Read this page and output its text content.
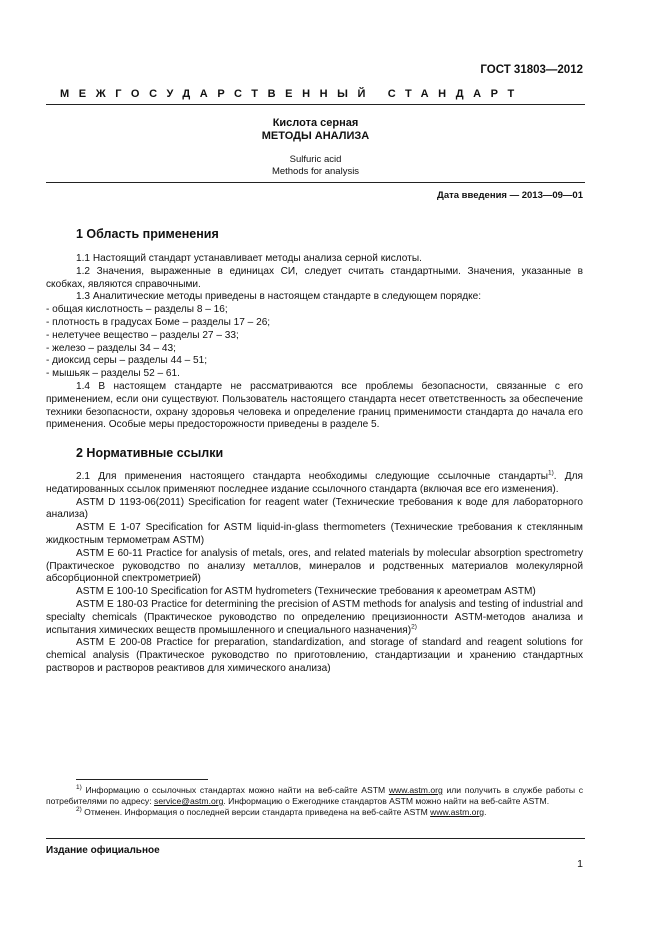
ГОСТ 31803—2012
МЕЖГОСУДАРСТВЕННЫЙ СТАНДАРТ
Кислота серная
МЕТОДЫ АНАЛИЗА
Sulfuric acid
Methods for analysis
Дата введения — 2013—09—01
1 Область применения

1.1 Настоящий стандарт устанавливает методы анализа серной кислоты.

1.2 Значения, выраженные в единицах СИ, следует считать стандартными. Значения, указанные в скобках, являются справочными.

1.3 Аналитические методы приведены в настоящем стандарте в следующем порядке:

- общая кислотность – разделы 8 – 16;

- плотность в градусах Боме – разделы 17 – 26;

- нелетучее вещество – разделы 27 – 33;

- железо – разделы 34 – 43;

- диоксид серы – разделы 44 – 51;

- мышьяк – разделы 52 – 61.

1.4 В настоящем стандарте не рассматриваются все проблемы безопасности, связанные с его применением, если они существуют. Пользователь настоящего стандарта несет ответственность за обеспечение техники безопасности, охрану здоровья человека и определение границ применимости стандарта до начала его применения. Особые меры предосторожности приведены в разделе 5.

2 Нормативные ссылки

2.1 Для применения настоящего стандарта необходимы следующие ссылочные стандарты$^{1)}$. Для недатированных ссылок применяют последнее издание ссылочного стандарта (включая все его изменения).

ASTM D 1193-06(2011) Specification for reagent water (Технические требования к воде для лабораторного анализа)

ASTM E 1-07 Specification for ASTM liquid-in-glass thermometers (Технические требования к стеклянным жидкостным термометрам ASTM)

ASTM E 60-11 Practice for analysis of metals, ores, and related materials by molecular absorption spectrometry (Практическое руководство по анализу металлов, минералов и родственных материалов молекулярной абсорбционной спектрометрией)

ASTM E 100-10 Specification for ASTM hydrometers (Технические требования к ареометрам ASTM)

ASTM E 180-03 Practice for determining the precision of ASTM methods for analysis and testing of industrial and specialty chemicals (Практическое руководство по определению прецизионности ASTM-методов анализа и испытания химических веществ промышленного и специального назначения)$^{2)}$

ASTM E 200-08 Practice for preparation, standardization, and storage of standard and reagent solutions for chemical analysis (Практическое руководство по приготовлению, стандартизации и хранению стандартных растворов и растворов реактивов для химического анализа)

$^{1)}$ Информацию о ссылочных стандартах можно найти на веб-сайте ASTM www.astm.org или получить в службе работы с потребителями по адресу: service@astm.org. Информацию о Ежегоднике стандартов ASTM можно найти на веб-сайте ASTM.

$^{2)}$ Отменен. Информация о последней версии стандарта приведена на веб-сайте ASTM www.astm.org.

Издание официальное
1
